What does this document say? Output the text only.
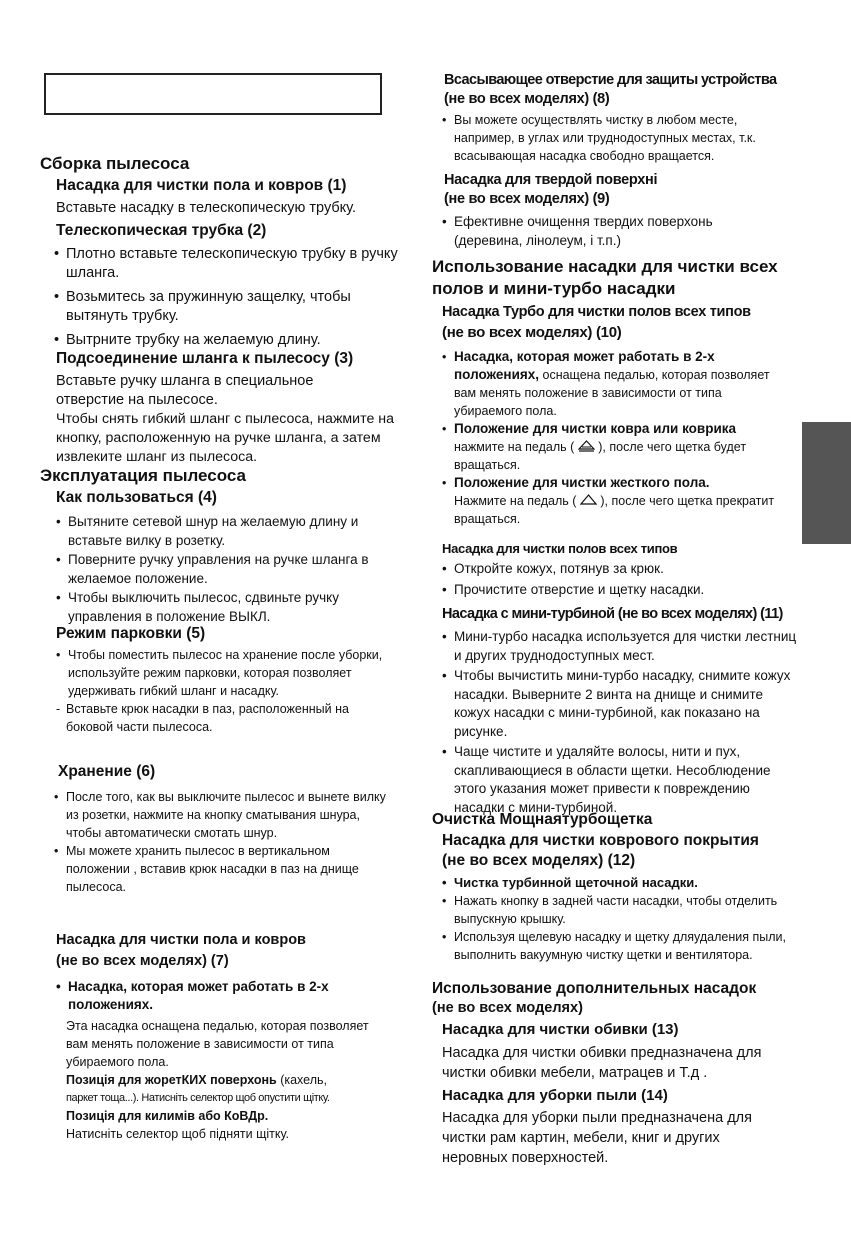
Сборка пылесоса
Насадка для чистки пола и ковров (1)
Вставьте насадку в телескопическую трубку.
Телескопическая трубка (2)
• Плотно вставьте телескопическую трубку в ручку шланга.
• Возьмитесь за пружинную защелку, чтобы вытянуть трубку.
• Вытрните трубку на желаемую длину.
Подсоединение шланга к пылесосу (3)
Вставьте ручку шланга в специальное отверстие на пылесосе.
Чтобы снять гибкий шланг с пылесоса, нажмите на кнопку, расположенную на ручке шланга, а затем извлеките шланг из пылесоса.
Эксплуатация пылесоса
Как пользоваться (4)
• Вытяните сетевой шнур на желаемую длину и вставьте вилку в розетку.
• Поверните ручку управления на ручке шланга в желаемое положение.
• Чтобы выключить пылесос, сдвиньте ручку управления в положение ВЫКЛ.
Режим парковки (5)
• Чтобы поместить пылесос на хранение после уборки, используйте режим парковки, которая позволяет удерживать гибкий шланг и насадку.
- Вставьте крюк насадки в паз, расположенный на боковой части пылесоса.
Хранение (6)
• После того, как вы выключите пылесос и вынете вилку из розетки, нажмите на кнопку сматывания шнура, чтобы автоматически смотать шнур.
• Мы можете хранить пылесос в вертикальном положении , вставив крюк насадки в паз на днище пылесоса.
Насадка для чистки пола и ковров
(не во всех моделях) (7)
• Насадка, которая может работать в 2-х положениях.

Эта насадка оснащена педалью, которая позволяет вам менять положение в зависимости от типа убираемого пола.

Позиція для жоретКИХ поверхонь (кахель,

паркет тоща...). Натисніть селектор щоб опустити щітку.

Позиція для килимів або КоВДр.

Натисніть селектор щоб підняти щітку.

Всасывающее отверстие для защиты устройства
(не во всех моделях) (8)
• Вы можете осуществлять чистку в любом месте, например, в углах или труднодоступных местах, т.к. всасывающая насадка свободно вращается.
Насадка для твердой поверхні
(не во всех моделях) (9)
• Ефективне очищення твердих поверхонь (деревина, лінолеум, і т.п.)
Использование насадки для чистки всех полов и мини-турбо насадки
Насадка Турбо для чистки полов всех типов
(не во всех моделях) (10)
• Насадка, которая может работать в 2-х положениях, оснащена педалью, которая позволяет вам менять положение в зависимости от типа убираемого пола.
• Положение для чистки ковра или коврика
нажмите на педаль ( ), после чего щетка будет вращаться.
• Положение для чистки жесткого пола.
Нажмите на педаль ( ), после чего щетка прекратит вращаться.
Насадка для чистки полов всех типов
• Откройте кожух, потянув за крюк.
• Прочистите отверстие и щетку насадки.
Насадка с мини-турбиной (не во всех моделях) (11)
• Мини-турбо насадка используется для чистки лестниц и других труднодоступных мест.
• Чтобы вычистить мини-турбо насадку, снимите кожух насадки. Выверните 2 винта на днище и снимите кожух насадки с мини-турбиной, как показано на рисунке.
• Чаще чистите и удаляйте волосы, нити и пух, скапливающиеся в области щетки. Несоблюдение этого указания может привести к повреждению насадки с мини-турбиной.
Очистка Мощнаятурбощетка
Насадка для чистки коврового покрытия
(не во всех моделях) (12)
• Чистка турбинной щеточной насадки.
• Нажать кнопку в задней части насадки, чтобы отделить выпускную крышку.
• Используя щелевую насадку и щетку дляудаления пыли, выполнить вакуумную чистку щетки и вентилятора.
Использование дополнительных насадок
(не во всех моделях)
Насадка для чистки обивки (13)
Насадка для чистки обивки предназначена для чистки обивки мебели, матрацев и Т.д .
Насадка для уборки пыли (14)
Насадка для уборки пыли предназначена для чистки рам картин, мебели, книг и других неровных поверхностей.
